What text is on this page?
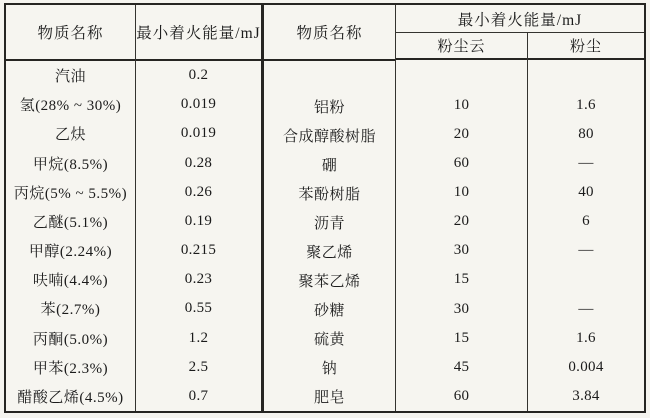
物质名称
汽油
氢(28% ~ 30%)
乙炔
甲烷(8.5%)
丙烷(5% ~ 5.5%)
乙醚(5.1%)
甲醇(2.24%)
呋喃(4.4%)
苯(2.7%)
丙酮(5.0%)
甲苯(2.3%)
醋酸乙烯(4.5%)
最小着火能量/mJ
0.2
0.019
0.019
0.28
0.26
0.19
0.215
0.23
0.55
1.2
2.5
0.7
物质名称
铝粉
合成醇酸树脂
硼
苯酚树脂
沥青
聚乙烯
聚苯乙烯
砂糖
硫黄
钠
肥皂
最小着火能量/mJ
粉尘云
10
20
60
10
20
30
15
30
15
45
60
粉尘
1.6
80
—
40
6
—
—
1.6
0.004
3.84
